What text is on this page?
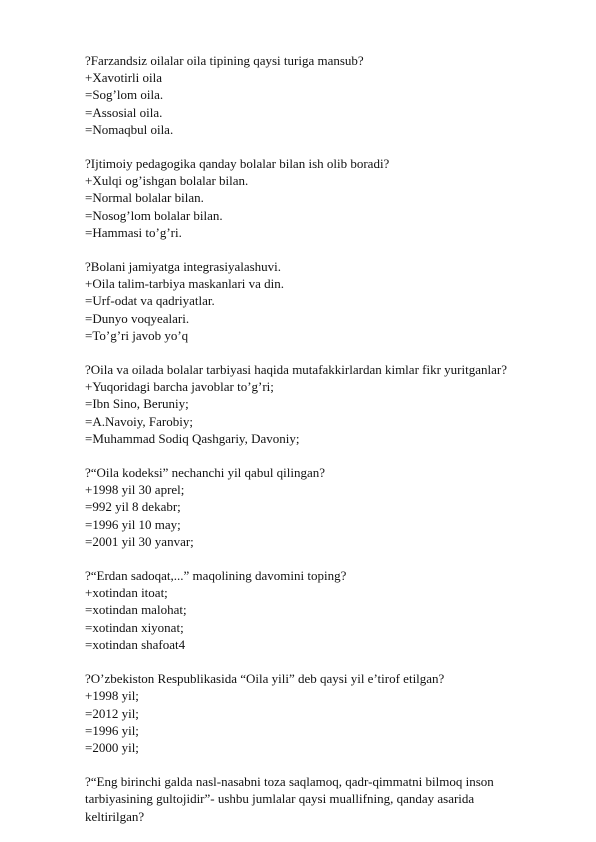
?Farzandsiz oilalar oila tipining qaysi turiga mansub?
+Xavotirli oila
=Sog’lom oila.
=Assosial oila.
=Nomaqbul oila.
?Ijtimoiy pedagogika qanday bolalar bilan ish olib boradi?
+Xulqi og’ishgan bolalar bilan.
=Normal bolalar bilan.
=Nosog’lom bolalar bilan.
=Hammasi to’g’ri.
?Bolani jamiyatga integrasiyalashuvi.
+Oila talim-tarbiya maskanlari va din.
=Urf-odat va qadriyatlar.
=Dunyo voqyealari.
=To’g’ri javob yo’q
?Oila va oilada bolalar tarbiyasi haqida mutafakkirlardan kimlar fikr yuritganlar?
+Yuqoridagi barcha javoblar to’g’ri;
=Ibn Sino, Beruniy;
=A.Navoiy, Farobiy;
=Muhammad Sodiq Qashgariy, Davoniy;
?“Oila kodeksi” nechanchi yil qabul qilingan?
+1998 yil 30 aprel;
=992 yil 8 dekabr;
=1996 yil 10 may;
=2001 yil 30 yanvar;
?“Erdan sadoqat,...” maqolining davomini toping?
+xotindan itoat;
=xotindan malohat;
=xotindan xiyonat;
=xotindan shafoat4
?O’zbekiston Respublikasida “Oila yili” deb qaysi yil e’tirof etilgan?
+1998 yil;
=2012 yil;
=1996 yil;
=2000 yil;
?“Eng birinchi galda nasl-nasabni toza saqlamoq, qadr-qimmatni bilmoq inson
tarbiyasining gultojidir”- ushbu jumlalar qaysi muallifning, qanday asarida
keltirilgan?
